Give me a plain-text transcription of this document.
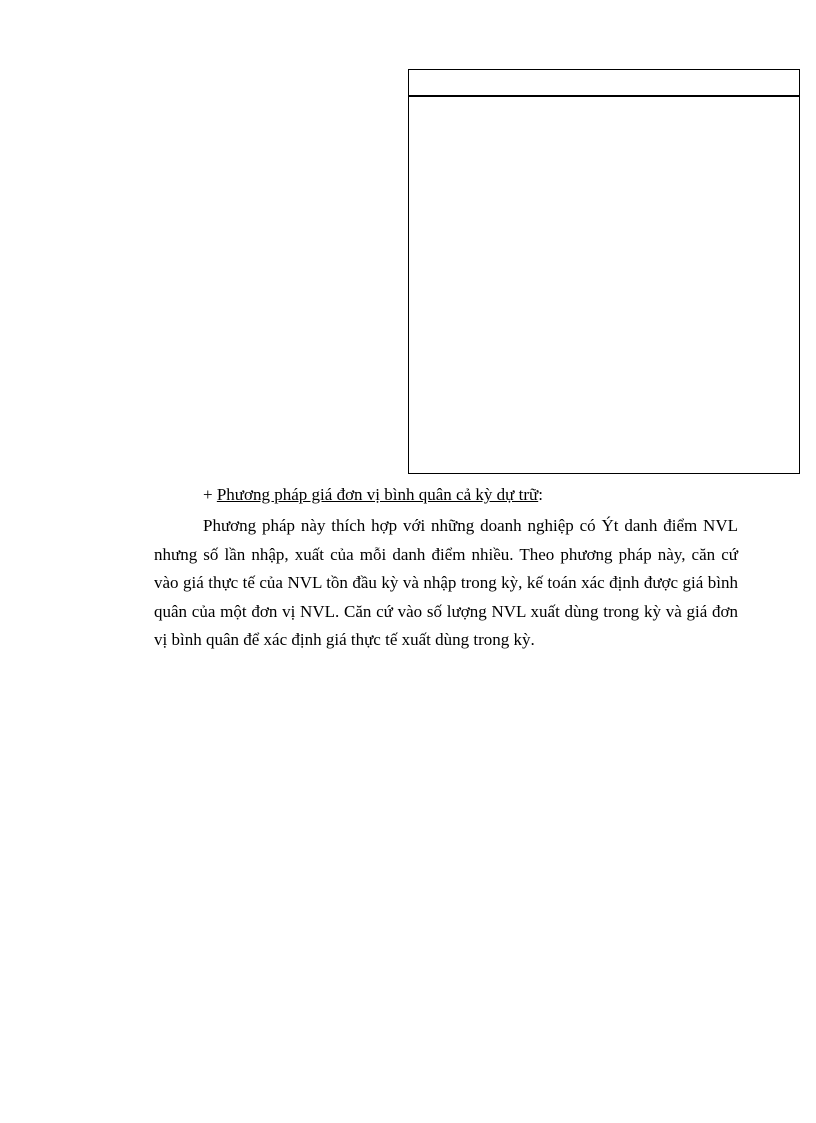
+ Phương pháp giá đơn vị bình quân cả kỳ dự trữ:

Phương pháp này thích hợp với những doanh nghiệp có Ýt danh điểm NVL nhưng số lần nhập, xuất của mỗi danh điểm nhiều. Theo phương pháp này, căn cứ vào giá thực tế của NVL tồn đầu kỳ và nhập trong kỳ, kế toán xác định được giá bình quân của một đơn vị NVL. Căn cứ vào số lượng NVL xuất dùng trong kỳ và giá đơn vị bình quân để xác định giá thực tế xuất dùng trong kỳ.
